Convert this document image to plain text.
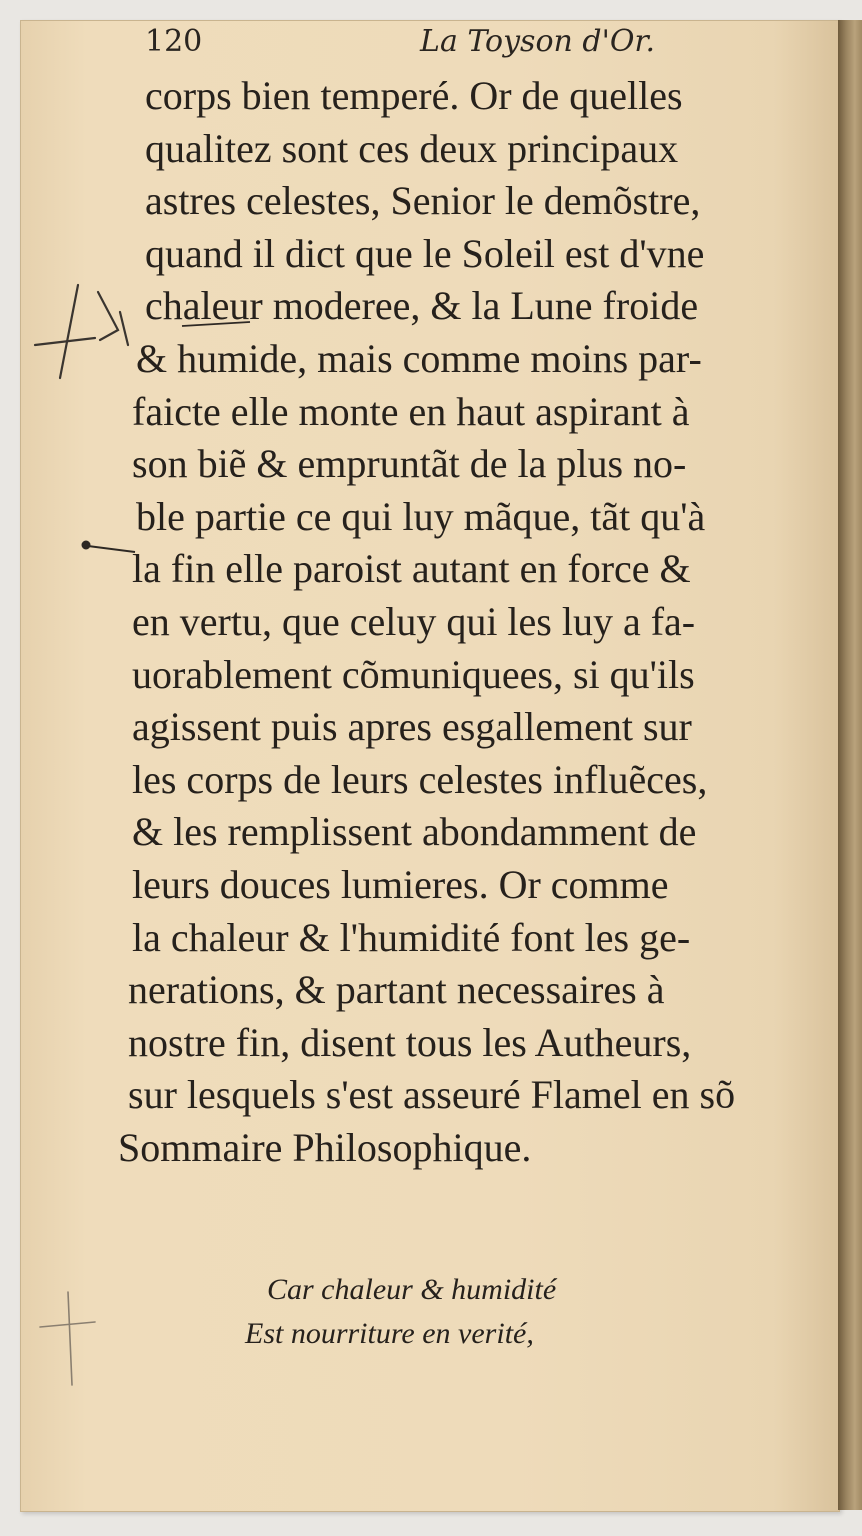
120	La Toyson d'Or.
corps bien temperé. Or de quelles
qualitez sont ces deux principaux
astres celestes, Senior le demõstre,
quand il dict que le Soleil est d'vne
chaleur moderee, & la Lune froide
& humide, mais comme moins par-
faicte elle monte en haut aspirant à
son biẽ & empruntãt de la plus no-
ble partie ce qui luy mãque, tãt qu'à
la fin elle paroist autant en force &
en vertu, que celuy qui les luy a fa-
uorablement cõmuniquees, si qu'ils
agissent puis apres esgallement sur
les corps de leurs celestes influẽces,
& les remplissent abondamment de
leurs douces lumieres. Or comme
la chaleur & l'humidité font les ge-
nerations, & partant necessaires à
nostre fin, disent tous les Autheurs,
sur lesquels s'est asseuré Flamel en sõ
Sommaire Philosophique.
Car chaleur & humidité
Est nourriture en verité,
